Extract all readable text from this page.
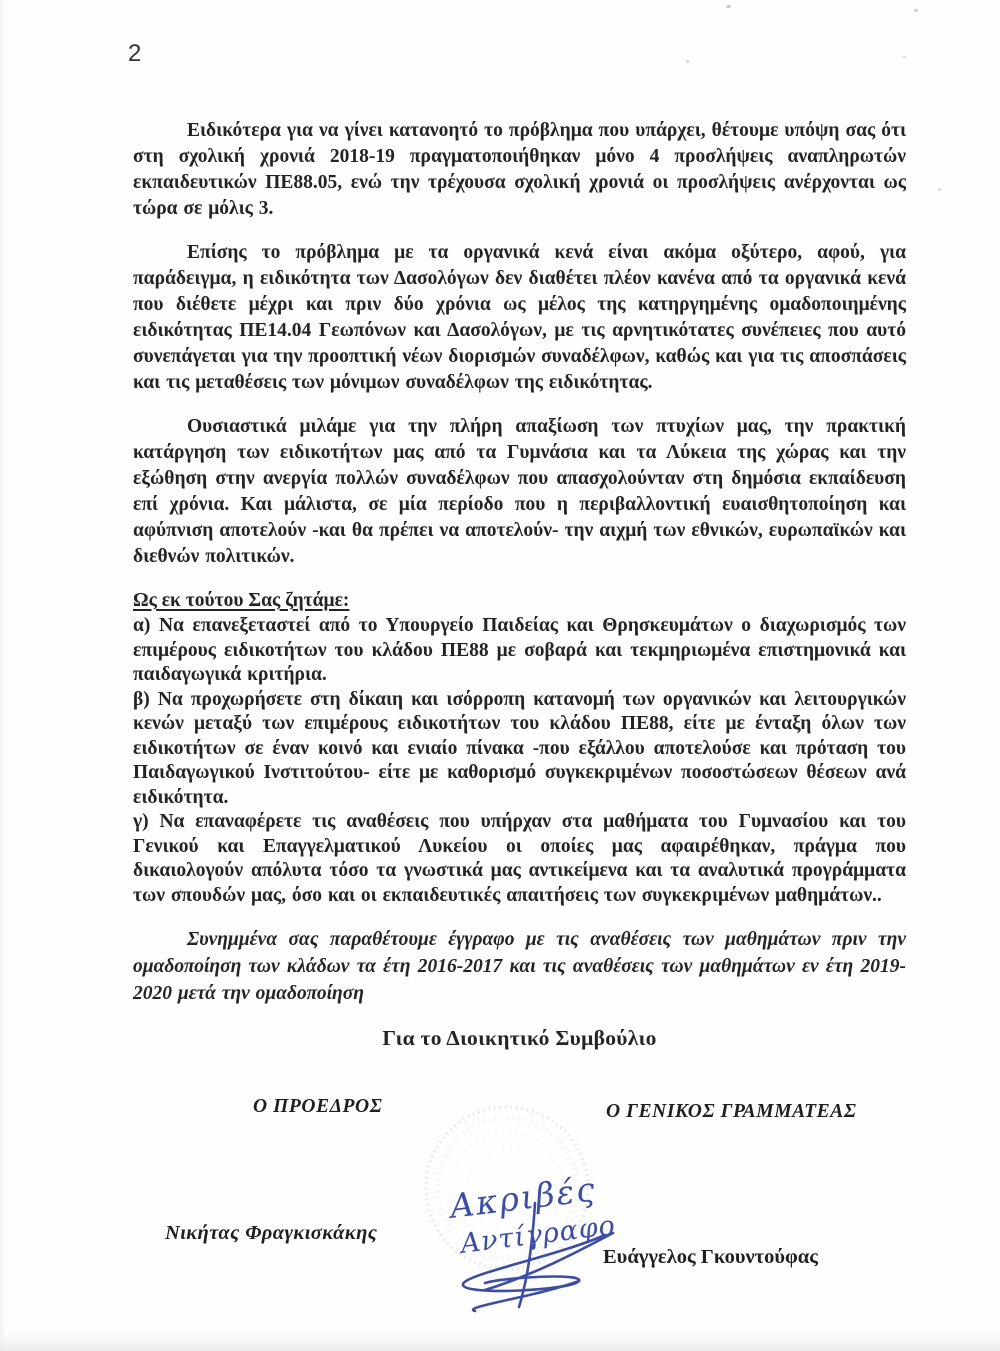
2

Ειδικότερα για να γίνει κατανοητό το πρόβλημα που υπάρχει, θέτουμε υπόψη σας ότι στη σχολική χρονιά 2018-19 πραγματοποιήθηκαν μόνο 4 προσλήψεις αναπληρωτών εκπαιδευτικών ΠΕ88.05, ενώ την τρέχουσα σχολική χρονιά οι προσλήψεις ανέρχονται ως τώρα σε μόλις 3.

Επίσης το πρόβλημα με τα οργανικά κενά είναι ακόμα οξύτερο, αφού, για παράδειγμα, η ειδικότητα των Δασολόγων δεν διαθέτει πλέον κανένα από τα οργανικά κενά που διέθετε μέχρι και πριν δύο χρόνια ως μέλος της κατηργημένης ομαδοποιημένης ειδικότητας ΠΕ14.04 Γεωπόνων και Δασολόγων, με τις αρνητικότατες συνέπειες που αυτό συνεπάγεται για την προοπτική νέων διορισμών συναδέλφων, καθώς και για τις αποσπάσεις και τις μεταθέσεις των μόνιμων συναδέλφων της ειδικότητας.

Ουσιαστικά μιλάμε για την πλήρη απαξίωση των πτυχίων μας, την πρακτική κατάργηση των ειδικοτήτων μας από τα Γυμνάσια και τα Λύκεια της χώρας και την εξώθηση στην ανεργία πολλών συναδέλφων που απασχολούνταν στη δημόσια εκπαίδευση επί χρόνια. Και μάλιστα, σε μία περίοδο που η περιβαλλοντική ευαισθητοποίηση και αφύπνιση αποτελούν -και θα πρέπει να αποτελούν- την αιχμή των εθνικών, ευρωπαϊκών και διεθνών πολιτικών.

Ως εκ τούτου Σας ζητάμε:

α) Να επανεξεταστεί από το Υπουργείο Παιδείας και Θρησκευμάτων ο διαχωρισμός των επιμέρους ειδικοτήτων του κλάδου ΠΕ88 με σοβαρά και τεκμηριωμένα επιστημονικά και παιδαγωγικά κριτήρια.

β) Να προχωρήσετε στη δίκαιη και ισόρροπη κατανομή των οργανικών και λειτουργικών κενών μεταξύ των επιμέρους ειδικοτήτων του κλάδου ΠΕ88, είτε με ένταξη όλων των ειδικοτήτων σε έναν κοινό και ενιαίο πίνακα -που εξάλλου αποτελούσε και πρόταση του Παιδαγωγικού Ινστιτούτου- είτε με καθορισμό συγκεκριμένων ποσοστώσεων θέσεων ανά ειδικότητα.

γ) Να επαναφέρετε τις αναθέσεις που υπήρχαν στα μαθήματα του Γυμνασίου και του Γενικού και Επαγγελματικού Λυκείου οι οποίες μας αφαιρέθηκαν, πράγμα που δικαιολογούν απόλυτα τόσο τα γνωστικά μας αντικείμενα και τα αναλυτικά προγράμματα των σπουδών μας, όσο και οι εκπαιδευτικές απαιτήσεις των συγκεκριμένων μαθημάτων..

Συνημμένα σας παραθέτουμε έγγραφο με τις αναθέσεις των μαθημάτων πριν την ομαδοποίηση των κλάδων τα έτη 2016-2017 και τις αναθέσεις των μαθημάτων εν έτη 2019-2020 μετά την ομαδοποίηση

Για το Διοικητικό Συμβούλιο

Ο ΠΡΟΕΔΡΟΣ	Ο ΓΕΝΙΚΟΣ ΓΡΑΜΜΑΤΕΑΣ
Νικήτας Φραγκισκάκης
Ευάγγελος Γκουντούφας
Ακριβές
Αντίγραφο
